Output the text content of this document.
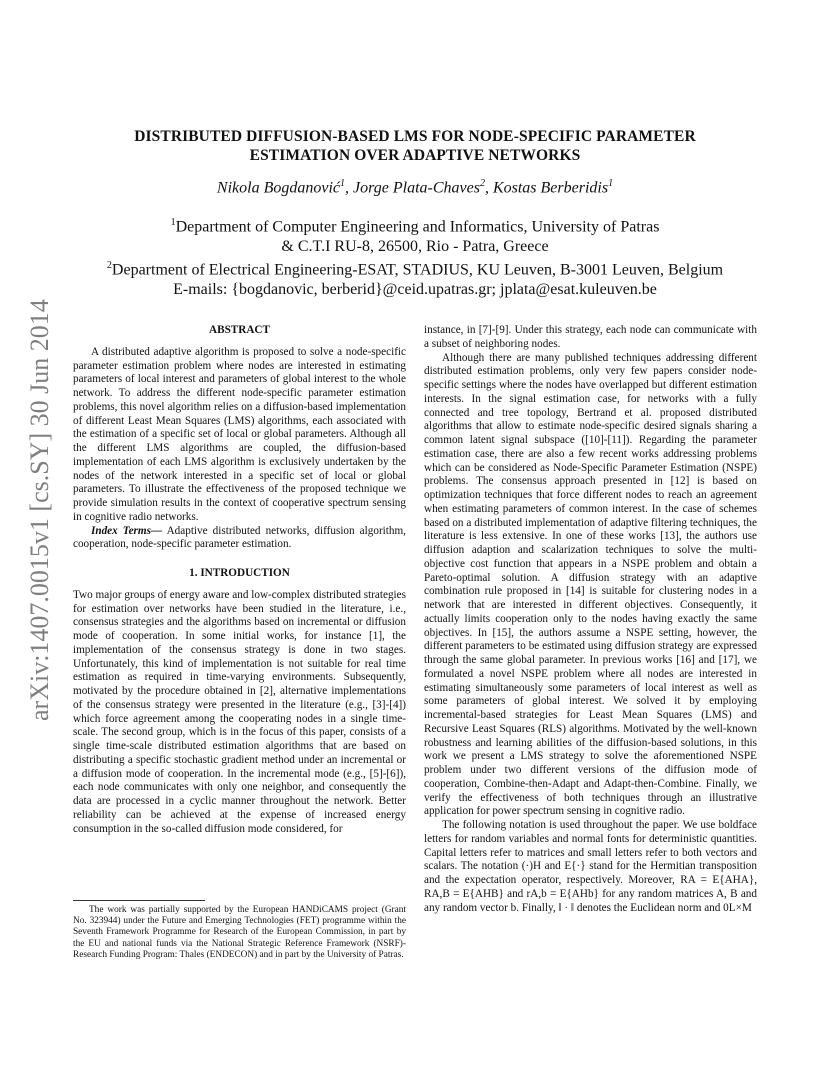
arXiv:1407.0015v1 [cs.SY] 30 Jun 2014
DISTRIBUTED DIFFUSION-BASED LMS FOR NODE-SPECIFIC PARAMETER ESTIMATION OVER ADAPTIVE NETWORKS
Nikola Bogdanović$^1$, Jorge Plata-Chaves$^2$, Kostas Berberidis$^1$
$^1$Department of Computer Engineering and Informatics, University of Patras
& C.T.I RU-8, 26500, Rio - Patra, Greece
$^2$Department of Electrical Engineering-ESAT, STADIUS, KU Leuven, B-3001 Leuven, Belgium
E-mails: {bogdanovic, berberid}@ceid.upatras.gr; jplata@esat.kuleuven.be
ABSTRACT

A distributed adaptive algorithm is proposed to solve a node-specific parameter estimation problem where nodes are interested in estimating parameters of local interest and parameters of global interest to the whole network. To address the different node-specific parameter estimation problems, this novel algorithm relies on a diffusion-based implementation of different Least Mean Squares (LMS) algorithms, each associated with the estimation of a specific set of local or global parameters. Although all the different LMS algorithms are coupled, the diffusion-based implementation of each LMS algorithm is exclusively undertaken by the nodes of the network interested in a specific set of local or global parameters. To illustrate the effectiveness of the proposed technique we provide simulation results in the context of cooperative spectrum sensing in cognitive radio networks.

Index Terms— Adaptive distributed networks, diffusion algorithm, cooperation, node-specific parameter estimation.

1. INTRODUCTION

Two major groups of energy aware and low-complex distributed strategies for estimation over networks have been studied in the literature, i.e., consensus strategies and the algorithms based on incremental or diffusion mode of cooperation. In some initial works, for instance [1], the implementation of the consensus strategy is done in two stages. Unfortunately, this kind of implementation is not suitable for real time estimation as required in time-varying environments. Subsequently, motivated by the procedure obtained in [2], alternative implementations of the consensus strategy were presented in the literature (e.g., [3]-[4]) which force agreement among the cooperating nodes in a single time-scale. The second group, which is in the focus of this paper, consists of a single time-scale distributed estimation algorithms that are based on distributing a specific stochastic gradient method under an incremental or a diffusion mode of cooperation. In the incremental mode (e.g., [5]-[6]), each node communicates with only one neighbor, and consequently the data are processed in a cyclic manner throughout the network. Better reliability can be achieved at the expense of increased energy consumption in the so-called diffusion mode considered, for

instance, in [7]-[9]. Under this strategy, each node can communicate with a subset of neighboring nodes.

Although there are many published techniques addressing different distributed estimation problems, only very few papers consider node-specific settings where the nodes have overlapped but different estimation interests. In the signal estimation case, for networks with a fully connected and tree topology, Bertrand et al. proposed distributed algorithms that allow to estimate node-specific desired signals sharing a common latent signal subspace ([10]-[11]). Regarding the parameter estimation case, there are also a few recent works addressing problems which can be considered as Node-Specific Parameter Estimation (NSPE) problems. The consensus approach presented in [12] is based on optimization techniques that force different nodes to reach an agreement when estimating parameters of common interest. In the case of schemes based on a distributed implementation of adaptive filtering techniques, the literature is less extensive. In one of these works [13], the authors use diffusion adaption and scalarization techniques to solve the multi-objective cost function that appears in a NSPE problem and obtain a Pareto-optimal solution. A diffusion strategy with an adaptive combination rule proposed in [14] is suitable for clustering nodes in a network that are interested in different objectives. Consequently, it actually limits cooperation only to the nodes having exactly the same objectives. In [15], the authors assume a NSPE setting, however, the different parameters to be estimated using diffusion strategy are expressed through the same global parameter. In previous works [16] and [17], we formulated a novel NSPE problem where all nodes are interested in estimating simultaneously some parameters of local interest as well as some parameters of global interest. We solved it by employing incremental-based strategies for Least Mean Squares (LMS) and Recursive Least Squares (RLS) algorithms. Motivated by the well-known robustness and learning abilities of the diffusion-based solutions, in this work we present a LMS strategy to solve the aforementioned NSPE problem under two different versions of the diffusion mode of cooperation, Combine-then-Adapt and Adapt-then-Combine. Finally, we verify the effectiveness of both techniques through an illustrative application for power spectrum sensing in cognitive radio.

The following notation is used throughout the paper. We use boldface letters for random variables and normal fonts for deterministic quantities. Capital letters refer to matrices and small letters refer to both vectors and scalars. The notation (·)H and E{·} stand for the Hermitian transposition and the expectation operator, respectively. Moreover, RA = E{AHA}, RA,B = E{AHB} and rA,b = E{AHb} for any random matrices A, B and any random vector b. Finally, ‖ · ‖ denotes the Euclidean norm and 0L×M

The work was partially supported by the European HANDiCAMS project (Grant No. 323944) under the Future and Emerging Technologies (FET) programme within the Seventh Framework Programme for Research of the European Commission, in part by the EU and national funds via the National Strategic Reference Framework (NSRF)- Research Funding Program: Thales (ENDECON) and in part by the University of Patras.
